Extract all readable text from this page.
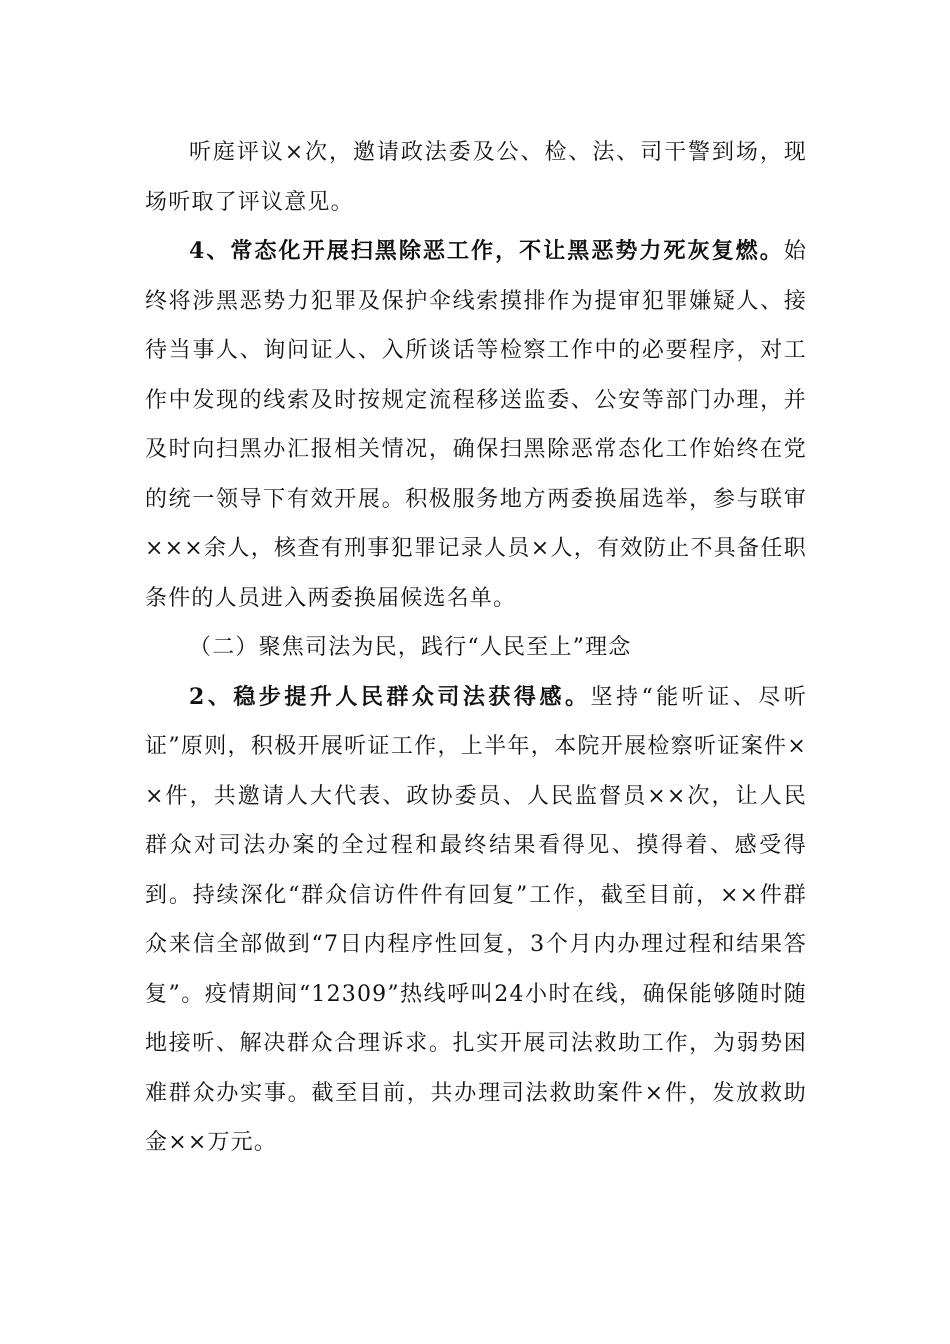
听庭评议×次，邀请政法委及公、检、法、司干警到场，现场听取了评议意见。

4、常态化开展扫黑除恶工作，不让黑恶势力死灰复燃。始终将涉黑恶势力犯罪及保护伞线索摸排作为提审犯罪嫌疑人、接待当事人、询问证人、入所谈话等检察工作中的必要程序，对工作中发现的线索及时按规定流程移送监委、公安等部门办理，并及时向扫黑办汇报相关情况，确保扫黑除恶常态化工作始终在党的统一领导下有效开展。积极服务地方两委换届选举，参与联审×××余人，核查有刑事犯罪记录人员×人，有效防止不具备任职条件的人员进入两委换届候选名单。

（二）聚焦司法为民，践行“人民至上”理念

2、稳步提升人民群众司法获得感。坚持“能听证、尽听证”原则，积极开展听证工作，上半年，本院开展检察听证案件××件，共邀请人大代表、政协委员、人民监督员××次，让人民群众对司法办案的全过程和最终结果看得见、摸得着、感受得到。持续深化“群众信访件件有回复”工作，截至目前，××件群众来信全部做到“7日内程序性回复，3个月内办理过程和结果答复”。疫情期间“12309”热线呼叫24小时在线，确保能够随时随地接听、解决群众合理诉求。扎实开展司法救助工作，为弱势困难群众办实事。截至目前，共办理司法救助案件×件，发放救助金××万元。
